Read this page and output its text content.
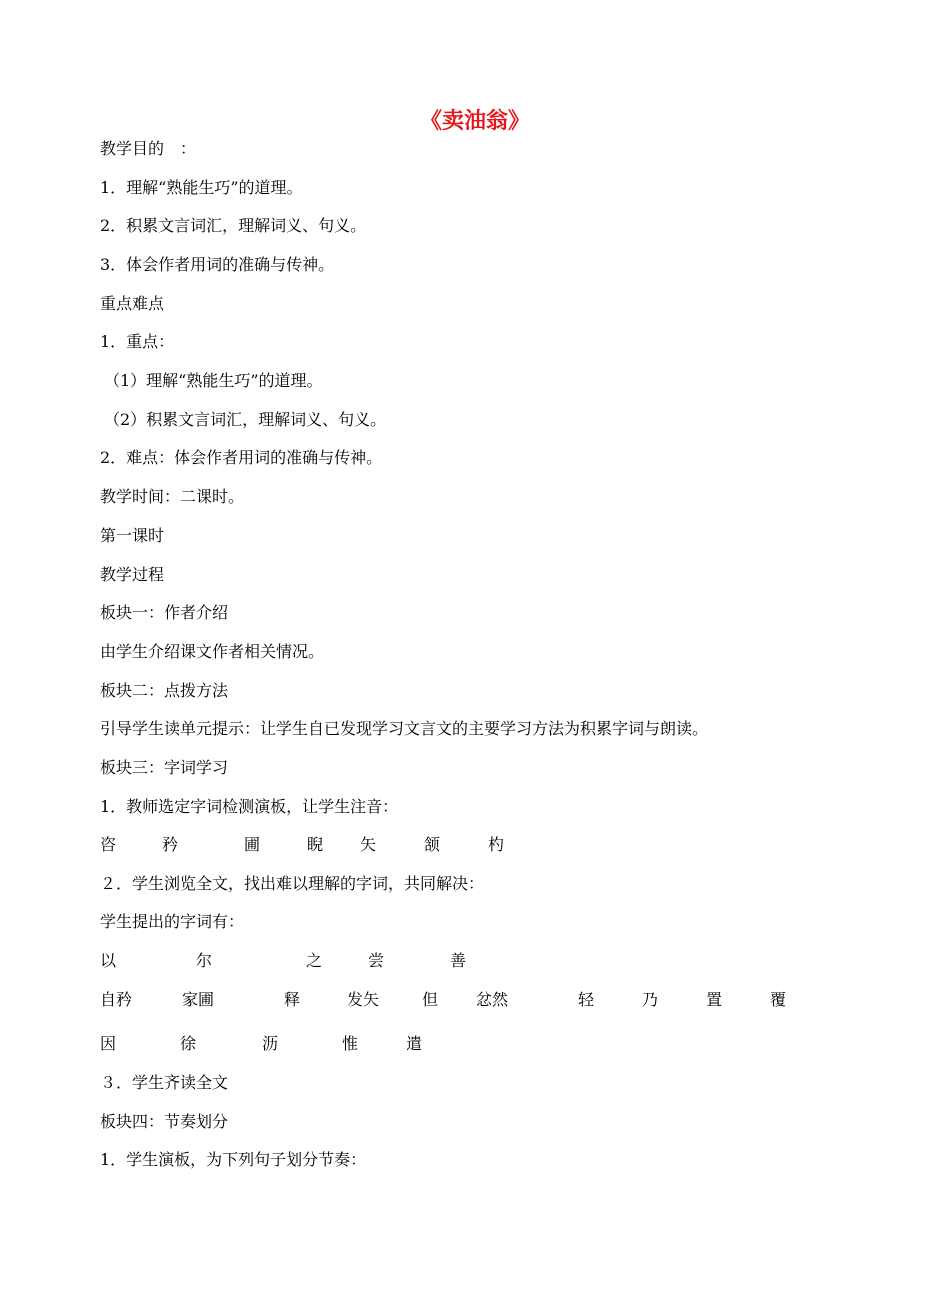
《卖油翁》
教学目的　：
1．理解“熟能生巧”的道理。
2．积累文言词汇，理解词义、句义。
3．体会作者用词的准确与传神。
重点难点
1．重点：
（1）理解“熟能生巧”的道理。
（2）积累文言词汇，理解词义、句义。
2．难点：体会作者用词的准确与传神。
教学时间：二课时。
第一课时
教学过程
板块一：作者介绍
由学生介绍课文作者相关情况。
板块二：点拨方法
引导学生读单元提示：让学生自已发现学习文言文的主要学习方法为积累字词与朗读。
板块三：字词学习
1．教师选定字词检测演板，让学生注音：
咨	矜	圃	睨 矢	颔	杓
２．学生浏览全文，找出难以理解的字词，共同解决：
学生提出的字词有：
以	尔	之	尝	善
自矜	家圃	释	发矢	但 忿然	轻	乃	置	覆
因	徐	沥	惟	遣
３．学生齐读全文
板块四：节奏划分
1．学生演板，为下列句子划分节奏：
